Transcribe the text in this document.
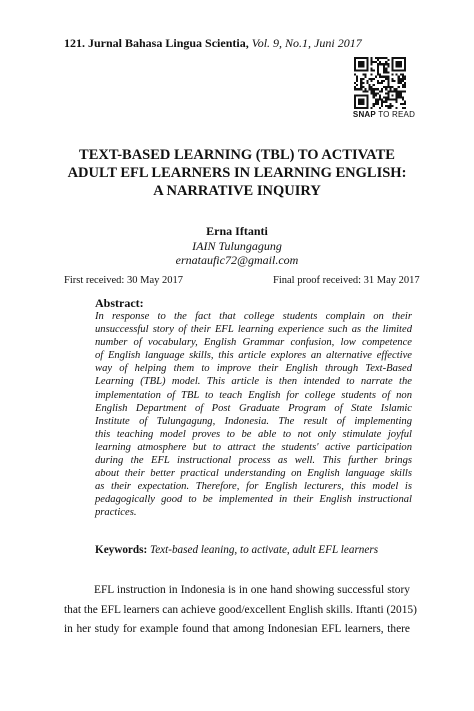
121. Jurnal Bahasa Lingua Scientia, Vol. 9, No.1, Juni 2017
SNAP TO READ
TEXT-BASED LEARNING (TBL) TO ACTIVATE
ADULT EFL LEARNERS IN LEARNING ENGLISH:
A NARRATIVE INQUIRY
Erna Iftanti
IAIN Tulungagung
ernataufic72@gmail.com
First received: 30 May 2017	Final proof received: 31 May 2017
Abstract:
In response to the fact that college students complain on their
unsuccessful story of their EFL learning experience such as the limited
number of vocabulary, English Grammar confusion, low competence
of English language skills, this article explores an alternative effective
way of helping them to improve their English through Text-Based
Learning (TBL) model. This article is then intended to narrate the
implementation of TBL to teach English for college students of non
English Department of Post Graduate Program of State Islamic
Institute of Tulungagung, Indonesia. The result of implementing
this teaching model proves to be able to not only stimulate joyful
learning atmosphere but to attract the students' active participation
during the EFL instructional process as well. This further brings
about their better practical understanding on English language skills
as their expectation. Therefore, for English lecturers, this model is
pedagogically good to be implemented in their English instructional
practices.
Keywords: Text-based leaning, to activate, adult EFL learners
EFL instruction in Indonesia is in one hand showing successful story
that the EFL learners can achieve good/excellent English skills. Iftanti (2015)
in her study for example found that among Indonesian EFL learners, there
